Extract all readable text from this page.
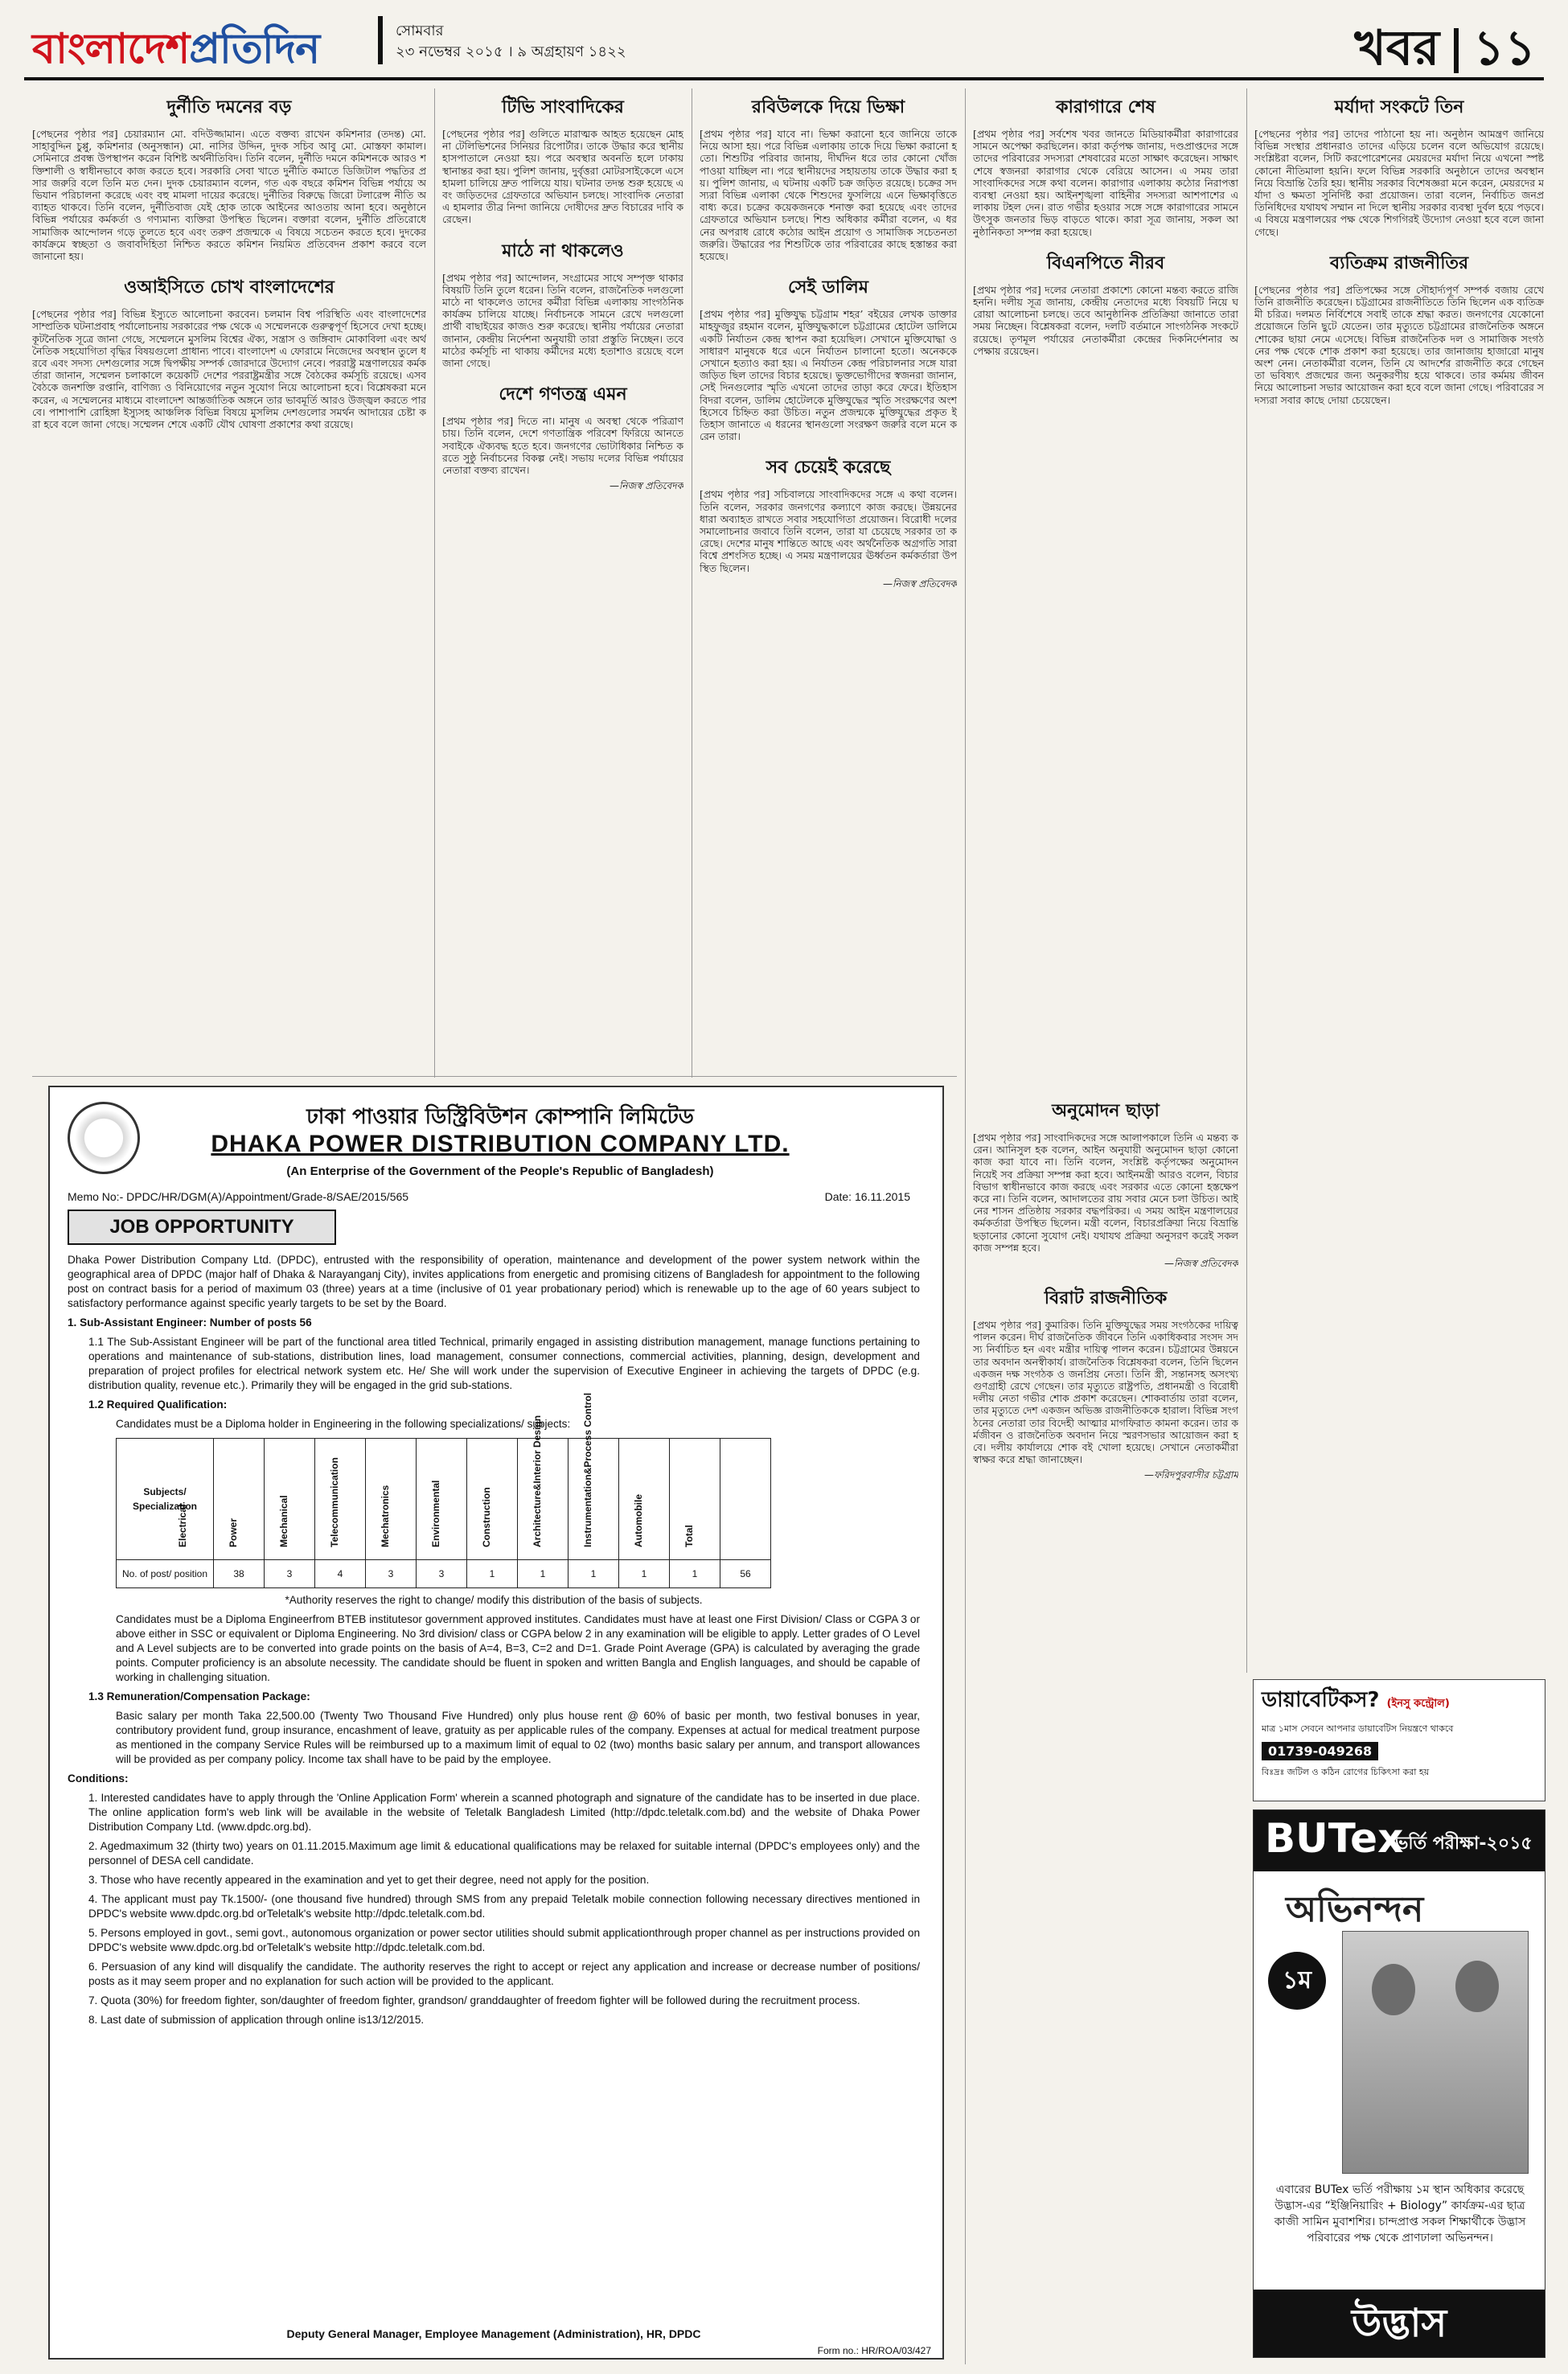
বাংলাদেশপ্রতিদিন	সোমবার
২৩ নভেম্বর ২০১৫ । ৯ অগ্রহায়ণ ১৪২২	খবর ১১
দুর্নীতি দমনের বড়

[পেছনের পৃষ্ঠার পর] চেয়ারম্যান মো. বদিউজ্জামান। এতে বক্তব্য রাখেন কমিশনার (তদন্ত) মো. সাহাবুদ্দিন চুপ্পু, কমিশনার (অনুসন্ধান) মো. নাসির উদ্দিন, দুদক সচিব আবু মো. মোস্তফা কামাল। সেমিনারে প্রবন্ধ উপস্থাপন করেন বিশিষ্ট অর্থনীতিবিদ। তিনি বলেন, দুর্নীতি দমনে কমিশনকে আরও শক্তিশালী ও স্বাধীনভাবে কাজ করতে হবে। সরকারি সেবা খাতে দুর্নীতি কমাতে ডিজিটাল পদ্ধতির প্রসার জরুরি বলে তিনি মত দেন। দুদক চেয়ারম্যান বলেন, গত এক বছরে কমিশন বিভিন্ন পর্যায়ে অভিযান পরিচালনা করেছে এবং বহু মামলা দায়ের করেছে। দুর্নীতির বিরুদ্ধে জিরো টলারেন্স নীতি অব্যাহত থাকবে। তিনি বলেন, দুর্নীতিবাজ যেই হোক তাকে আইনের আওতায় আনা হবে। অনুষ্ঠানে বিভিন্ন পর্যায়ের কর্মকর্তা ও গণ্যমান্য ব্যক্তিরা উপস্থিত ছিলেন। বক্তারা বলেন, দুর্নীতি প্রতিরোধে সামাজিক আন্দোলন গড়ে তুলতে হবে এবং তরুণ প্রজন্মকে এ বিষয়ে সচেতন করতে হবে। দুদকের কার্যক্রমে স্বচ্ছতা ও জবাবদিহিতা নিশ্চিত করতে কমিশন নিয়মিত প্রতিবেদন প্রকাশ করবে বলে জানানো হয়।

ওআইসিতে চোখ বাংলাদেশের

[পেছনের পৃষ্ঠার পর] বিভিন্ন ইস্যুতে আলোচনা করবেন। চলমান বিশ্ব পরিস্থিতি এবং বাংলাদেশের সাম্প্রতিক ঘটনাপ্রবাহ পর্যালোচনায় সরকারের পক্ষ থেকে এ সম্মেলনকে গুরুত্বপূর্ণ হিসেবে দেখা হচ্ছে। কূটনৈতিক সূত্রে জানা গেছে, সম্মেলনে মুসলিম বিশ্বের ঐক্য, সন্ত্রাস ও জঙ্গিবাদ মোকাবিলা এবং অর্থনৈতিক সহযোগিতা বৃদ্ধির বিষয়গুলো প্রাধান্য পাবে। বাংলাদেশ এ ফোরামে নিজেদের অবস্থান তুলে ধরবে এবং সদস্য দেশগুলোর সঙ্গে দ্বিপক্ষীয় সম্পর্ক জোরদারে উদ্যোগ নেবে। পররাষ্ট্র মন্ত্রণালয়ের কর্মকর্তারা জানান, সম্মেলন চলাকালে কয়েকটি দেশের পররাষ্ট্রমন্ত্রীর সঙ্গে বৈঠকের কর্মসূচি রয়েছে। এসব বৈঠকে জনশক্তি রপ্তানি, বাণিজ্য ও বিনিয়োগের নতুন সুযোগ নিয়ে আলোচনা হবে। বিশ্লেষকরা মনে করেন, এ সম্মেলনের মাধ্যমে বাংলাদেশ আন্তর্জাতিক অঙ্গনে তার ভাবমূর্তি আরও উজ্জ্বল করতে পারবে। পাশাপাশি রোহিঙ্গা ইস্যুসহ আঞ্চলিক বিভিন্ন বিষয়ে মুসলিম দেশগুলোর সমর্থন আদায়ের চেষ্টা করা হবে বলে জানা গেছে। সম্মেলন শেষে একটি যৌথ ঘোষণা প্রকাশের কথা রয়েছে।

টিভি সাংবাদিকের

[পেছনের পৃষ্ঠার পর] গুলিতে মারাত্মক আহত হয়েছেন মোহনা টেলিভিশনের সিনিয়র রিপোর্টার। তাকে উদ্ধার করে স্থানীয় হাসপাতালে নেওয়া হয়। পরে অবস্থার অবনতি হলে ঢাকায় স্থানান্তর করা হয়। পুলিশ জানায়, দুর্বৃত্তরা মোটরসাইকেলে এসে হামলা চালিয়ে দ্রুত পালিয়ে যায়। ঘটনার তদন্ত শুরু হয়েছে এবং জড়িতদের গ্রেফতারে অভিযান চলছে। সাংবাদিক নেতারা এ হামলার তীব্র নিন্দা জানিয়ে দোষীদের দ্রুত বিচারের দাবি করেছেন।

মাঠে না থাকলেও

[প্রথম পৃষ্ঠার পর] আন্দোলন, সংগ্রামের সাথে সম্পৃক্ত থাকার বিষয়টি তিনি তুলে ধরেন। তিনি বলেন, রাজনৈতিক দলগুলো মাঠে না থাকলেও তাদের কর্মীরা বিভিন্ন এলাকায় সাংগঠনিক কার্যক্রম চালিয়ে যাচ্ছে। নির্বাচনকে সামনে রেখে দলগুলো প্রার্থী বাছাইয়ের কাজও শুরু করেছে। স্থানীয় পর্যায়ের নেতারা জানান, কেন্দ্রীয় নির্দেশনা অনুযায়ী তারা প্রস্তুতি নিচ্ছেন। তবে মাঠের কর্মসূচি না থাকায় কর্মীদের মধ্যে হতাশাও রয়েছে বলে জানা গেছে।

দেশে গণতন্ত্র এমন

[প্রথম পৃষ্ঠার পর] দিতে না। মানুষ এ অবস্থা থেকে পরিত্রাণ চায়। তিনি বলেন, দেশে গণতান্ত্রিক পরিবেশ ফিরিয়ে আনতে সবাইকে ঐক্যবদ্ধ হতে হবে। জনগণের ভোটাধিকার নিশ্চিত করতে সুষ্ঠু নির্বাচনের বিকল্প নেই। সভায় দলের বিভিন্ন পর্যায়ের নেতারা বক্তব্য রাখেন।

—নিজস্ব প্রতিবেদক
রবিউলকে দিয়ে ভিক্ষা

[প্রথম পৃষ্ঠার পর] যাবে না। ভিক্ষা করানো হবে জানিয়ে তাকে নিয়ে আসা হয়। পরে বিভিন্ন এলাকায় তাকে দিয়ে ভিক্ষা করানো হতো। শিশুটির পরিবার জানায়, দীর্ঘদিন ধরে তার কোনো খোঁজ পাওয়া যাচ্ছিল না। পরে স্থানীয়দের সহায়তায় তাকে উদ্ধার করা হয়। পুলিশ জানায়, এ ঘটনায় একটি চক্র জড়িত রয়েছে। চক্রের সদস্যরা বিভিন্ন এলাকা থেকে শিশুদের ফুসলিয়ে এনে ভিক্ষাবৃত্তিতে বাধ্য করে। চক্রের কয়েকজনকে শনাক্ত করা হয়েছে এবং তাদের গ্রেফতারে অভিযান চলছে। শিশু অধিকার কর্মীরা বলেন, এ ধরনের অপরাধ রোধে কঠোর আইন প্রয়োগ ও সামাজিক সচেতনতা জরুরি। উদ্ধারের পর শিশুটিকে তার পরিবারের কাছে হস্তান্তর করা হয়েছে।

সেই ডালিম

[প্রথম পৃষ্ঠার পর] মুক্তিযুদ্ধ চট্টগ্রাম শহর’ বইয়ের লেখক ডাক্তার মাহফুজুর রহমান বলেন, মুক্তিযুদ্ধকালে চট্টগ্রামের হোটেল ডালিমে একটি নির্যাতন কেন্দ্র স্থাপন করা হয়েছিল। সেখানে মুক্তিযোদ্ধা ও সাধারণ মানুষকে ধরে এনে নির্যাতন চালানো হতো। অনেককে সেখানে হত্যাও করা হয়। এ নির্যাতন কেন্দ্র পরিচালনার সঙ্গে যারা জড়িত ছিল তাদের বিচার হয়েছে। ভুক্তভোগীদের স্বজনরা জানান, সেই দিনগুলোর স্মৃতি এখনো তাদের তাড়া করে ফেরে। ইতিহাসবিদরা বলেন, ডালিম হোটেলকে মুক্তিযুদ্ধের স্মৃতি সংরক্ষণের অংশ হিসেবে চিহ্নিত করা উচিত। নতুন প্রজন্মকে মুক্তিযুদ্ধের প্রকৃত ইতিহাস জানাতে এ ধরনের স্থানগুলো সংরক্ষণ জরুরি বলে মনে করেন তারা।

সব চেয়েই করেছে

[প্রথম পৃষ্ঠার পর] সচিবালয়ে সাংবাদিকদের সঙ্গে এ কথা বলেন। তিনি বলেন, সরকার জনগণের কল্যাণে কাজ করছে। উন্নয়নের ধারা অব্যাহত রাখতে সবার সহযোগিতা প্রয়োজন। বিরোধী দলের সমালোচনার জবাবে তিনি বলেন, তারা যা চেয়েছে সরকার তা করেছে। দেশের মানুষ শান্তিতে আছে এবং অর্থনৈতিক অগ্রগতি সারা বিশ্বে প্রশংসিত হচ্ছে। এ সময় মন্ত্রণালয়ের ঊর্ধ্বতন কর্মকর্তারা উপস্থিত ছিলেন।

—নিজস্ব প্রতিবেদক
কারাগারে শেষ

[প্রথম পৃষ্ঠার পর] সর্বশেষ খবর জানতে মিডিয়াকর্মীরা কারাগারের সামনে অপেক্ষা করছিলেন। কারা কর্তৃপক্ষ জানায়, দণ্ডপ্রাপ্তদের সঙ্গে তাদের পরিবারের সদস্যরা শেষবারের মতো সাক্ষাৎ করেছেন। সাক্ষাৎ শেষে স্বজনরা কারাগার থেকে বেরিয়ে আসেন। এ সময় তারা সাংবাদিকদের সঙ্গে কথা বলেন। কারাগার এলাকায় কঠোর নিরাপত্তা ব্যবস্থা নেওয়া হয়। আইনশৃঙ্খলা বাহিনীর সদস্যরা আশপাশের এলাকায় টহল দেন। রাত গভীর হওয়ার সঙ্গে সঙ্গে কারাগারের সামনে উৎসুক জনতার ভিড় বাড়তে থাকে। কারা সূত্র জানায়, সকল আনুষ্ঠানিকতা সম্পন্ন করা হয়েছে।

বিএনপিতে নীরব

[প্রথম পৃষ্ঠার পর] দলের নেতারা প্রকাশ্যে কোনো মন্তব্য করতে রাজি হননি। দলীয় সূত্র জানায়, কেন্দ্রীয় নেতাদের মধ্যে বিষয়টি নিয়ে ঘরোয়া আলোচনা চলছে। তবে আনুষ্ঠানিক প্রতিক্রিয়া জানাতে তারা সময় নিচ্ছেন। বিশ্লেষকরা বলেন, দলটি বর্তমানে সাংগঠনিক সংকটে রয়েছে। তৃণমূল পর্যায়ের নেতাকর্মীরা কেন্দ্রের দিকনির্দেশনার অপেক্ষায় রয়েছেন।

মর্যাদা সংকটে তিন

[পেছনের পৃষ্ঠার পর] তাদের পাঠানো হয় না। অনুষ্ঠান আমন্ত্রণ জানিয়ে বিভিন্ন সংস্থার প্রধানরাও তাদের এড়িয়ে চলেন বলে অভিযোগ রয়েছে। সংশ্লিষ্টরা বলেন, সিটি করপোরেশনের মেয়রদের মর্যাদা নিয়ে এখনো স্পষ্ট কোনো নীতিমালা হয়নি। ফলে বিভিন্ন সরকারি অনুষ্ঠানে তাদের অবস্থান নিয়ে বিভ্রান্তি তৈরি হয়। স্থানীয় সরকার বিশেষজ্ঞরা মনে করেন, মেয়রদের মর্যাদা ও ক্ষমতা সুনির্দিষ্ট করা প্রয়োজন। তারা বলেন, নির্বাচিত জনপ্রতিনিধিদের যথাযথ সম্মান না দিলে স্থানীয় সরকার ব্যবস্থা দুর্বল হয়ে পড়বে। এ বিষয়ে মন্ত্রণালয়ের পক্ষ থেকে শিগগিরই উদ্যোগ নেওয়া হবে বলে জানা গেছে।

ব্যতিক্রম রাজনীতির

[পেছনের পৃষ্ঠার পর] প্রতিপক্ষের সঙ্গে সৌহার্দ্যপূর্ণ সম্পর্ক বজায় রেখে তিনি রাজনীতি করেছেন। চট্টগ্রামের রাজনীতিতে তিনি ছিলেন এক ব্যতিক্রমী চরিত্র। দলমত নির্বিশেষে সবাই তাকে শ্রদ্ধা করত। জনগণের যেকোনো প্রয়োজনে তিনি ছুটে যেতেন। তার মৃত্যুতে চট্টগ্রামের রাজনৈতিক অঙ্গনে শোকের ছায়া নেমে এসেছে। বিভিন্ন রাজনৈতিক দল ও সামাজিক সংগঠনের পক্ষ থেকে শোক প্রকাশ করা হয়েছে। তার জানাজায় হাজারো মানুষ অংশ নেন। নেতাকর্মীরা বলেন, তিনি যে আদর্শের রাজনীতি করে গেছেন তা ভবিষ্যৎ প্রজন্মের জন্য অনুকরণীয় হয়ে থাকবে। তার কর্মময় জীবন নিয়ে আলোচনা সভার আয়োজন করা হবে বলে জানা গেছে। পরিবারের সদস্যরা সবার কাছে দোয়া চেয়েছেন।

অনুমোদন ছাড়া

[প্রথম পৃষ্ঠার পর] সাংবাদিকদের সঙ্গে আলাপকালে তিনি এ মন্তব্য করেন। আনিসুল হক বলেন, আইন অনুযায়ী অনুমোদন ছাড়া কোনো কাজ করা যাবে না। তিনি বলেন, সংশ্লিষ্ট কর্তৃপক্ষের অনুমোদন নিয়েই সব প্রক্রিয়া সম্পন্ন করা হবে। আইনমন্ত্রী আরও বলেন, বিচার বিভাগ স্বাধীনভাবে কাজ করছে এবং সরকার এতে কোনো হস্তক্ষেপ করে না। তিনি বলেন, আদালতের রায় সবার মেনে চলা উচিত। আইনের শাসন প্রতিষ্ঠায় সরকার বদ্ধপরিকর। এ সময় আইন মন্ত্রণালয়ের কর্মকর্তারা উপস্থিত ছিলেন। মন্ত্রী বলেন, বিচারপ্রক্রিয়া নিয়ে বিভ্রান্তি ছড়ানোর কোনো সুযোগ নেই। যথাযথ প্রক্রিয়া অনুসরণ করেই সকল কাজ সম্পন্ন হবে।

—নিজস্ব প্রতিবেদক
বিরাট রাজনীতিক

[প্রথম পৃষ্ঠার পর] কুমারিক। তিনি মুক্তিযুদ্ধের সময় সংগঠকের দায়িত্ব পালন করেন। দীর্ঘ রাজনৈতিক জীবনে তিনি একাধিকবার সংসদ সদস্য নির্বাচিত হন এবং মন্ত্রীর দায়িত্ব পালন করেন। চট্টগ্রামের উন্নয়নে তার অবদান অনস্বীকার্য। রাজনৈতিক বিশ্লেষকরা বলেন, তিনি ছিলেন একজন দক্ষ সংগঠক ও জনপ্রিয় নেতা। তিনি স্ত্রী, সন্তানসহ অসংখ্য গুণগ্রাহী রেখে গেছেন। তার মৃত্যুতে রাষ্ট্রপতি, প্রধানমন্ত্রী ও বিরোধী দলীয় নেতা গভীর শোক প্রকাশ করেছেন। শোকবার্তায় তারা বলেন, তার মৃত্যুতে দেশ একজন অভিজ্ঞ রাজনীতিককে হারাল। বিভিন্ন সংগঠনের নেতারা তার বিদেহী আত্মার মাগফিরাত কামনা করেন। তার কর্মজীবন ও রাজনৈতিক অবদান নিয়ে স্মরণসভার আয়োজন করা হবে। দলীয় কার্যালয়ে শোক বই খোলা হয়েছে। সেখানে নেতাকর্মীরা স্বাক্ষর করে শ্রদ্ধা জানাচ্ছেন।

—ফরিদপুরবাসীর চট্টগ্রাম
ঢাকা পাওয়ার ডিস্ট্রিবিউশন কোম্পানি লিমিটেড
DHAKA POWER DISTRIBUTION COMPANY LTD.
(An Enterprise of the Government of the People's Republic of Bangladesh)
Memo No:- DPDC/HR/DGM(A)/Appointment/Grade-8/SAE/2015/565	Date: 16.11.2015
JOB OPPORTUNITY

Dhaka Power Distribution Company Ltd. (DPDC), entrusted with the responsibility of operation, maintenance and development of the power system network within the geographical area of DPDC (major half of Dhaka & Narayanganj City), invites applications from energetic and promising citizens of Bangladesh for appointment to the following post on contract basis for a period of maximum 03 (three) years at a time (inclusive of 01 year probationary period) which is renewable up to the age of 60 years subject to satisfactory performance against specific yearly targets to be set by the Board.

1. Sub-Assistant Engineer: Number of posts 56

1.1 The Sub-Assistant Engineer will be part of the functional area titled Technical, primarily engaged in assisting distribution management, manage functions pertaining to operations and maintenance of sub-stations, distribution lines, load management, consumer connections, commercial activities, planning, design, development and preparation of project profiles for electrical network system etc. He/ She will work under the supervision of Executive Engineer in achieving the targets of DPDC (e.g. distribution quality, revenue etc.). Primarily they will be engaged in the grid sub-stations.

1.2 Required Qualification:

Candidates must be a Diploma holder in Engineering in the following specializations/ subjects:

Subjects/ Specialization	Electrical	Power	Mechanical	Telecommunication	Mechatronics	Environmental	Construction	Architecture&Interior Design	Instrumentation&Process Control	Automobile	Total

No. of post/ position	38	3	4	3	3	1	1	1	1	1	56

*Authority reserves the right to change/ modify this distribution of the basis of subjects.

Candidates must be a Diploma Engineerfrom BTEB institutesor government approved institutes. Candidates must have at least one First Division/ Class or CGPA 3 or above either in SSC or equivalent or Diploma Engineering. No 3rd division/ class or CGPA below 2 in any examination will be eligible to apply. Letter grades of O Level and A Level subjects are to be converted into grade points on the basis of A=4, B=3, C=2 and D=1. Grade Point Average (GPA) is calculated by averaging the grade points. Computer proficiency is an absolute necessity. The candidate should be fluent in spoken and written Bangla and English languages, and should be capable of working in challenging situation.

1.3 Remuneration/Compensation Package:

Basic salary per month Taka 22,500.00 (Twenty Two Thousand Five Hundred) only plus house rent @ 60% of basic per month, two festival bonuses in year, contributory provident fund, group insurance, encashment of leave, gratuity as per applicable rules of the company. Expenses at actual for medical treatment purpose as mentioned in the company Service Rules will be reimbursed up to a maximum limit of equal to 02 (two) months basic salary per annum, and transport allowances will be provided as per company policy. Income tax shall have to be paid by the employee.

Conditions:

1. Interested candidates have to apply through the 'Online Application Form' wherein a scanned photograph and signature of the candidate has to be inserted in due place. The online application form's web link will be available in the website of Teletalk Bangladesh Limited (http://dpdc.teletalk.com.bd) and the website of Dhaka Power Distribution Company Ltd. (www.dpdc.org.bd).

2. Agedmaximum 32 (thirty two) years on 01.11.2015.Maximum age limit & educational qualifications may be relaxed for suitable internal (DPDC's employees only) and the personnel of DESA cell candidate.

3. Those who have recently appeared in the examination and yet to get their degree, need not apply for the position.

4. The applicant must pay Tk.1500/- (one thousand five hundred) through SMS from any prepaid Teletalk mobile connection following necessary directives mentioned in DPDC's website www.dpdc.org.bd orTeletalk's website http://dpdc.teletalk.com.bd.

5. Persons employed in govt., semi govt., autonomous organization or power sector utilities should submit applicationthrough proper channel as per instructions provided on DPDC's website www.dpdc.org.bd orTeletalk's website http://dpdc.teletalk.com.bd.

6. Persuasion of any kind will disqualify the candidate. The authority reserves the right to accept or reject any application and increase or decrease number of positions/ posts as it may seem proper and no explanation for such action will be provided to the applicant.

7. Quota (30%) for freedom fighter, son/daughter of freedom fighter, grandson/ granddaughter of freedom fighter will be followed during the recruitment process.

8. Last date of submission of application through online is13/12/2015.

Deputy General Manager, Employee Management (Administration), HR, DPDC
Form no.: HR/ROA/03/427
ডায়াবেটিকস? (ইনসু কন্ট্রোল)
মাত্র ১মাস সেবনে আপনার ডায়াবেটিস নিয়ন্ত্রণে থাকবে
01739-049268
বিঃদ্রঃ জটিল ও কঠিন রোগের চিকিৎসা করা হয়
BUTex
ভর্তি পরীক্ষা-২০১৫
অভিনন্দন
১ম
এবারের BUTex ভর্তি পরীক্ষায় ১ম স্থান অধিকার করেছে উদ্ভাস-এর “ইঞ্জিনিয়ারিং + Biology” কার্যক্রম-এর ছাত্র কাজী সামিন মুবাশশির। চান্দপ্রাপ্ত সকল শিক্ষার্থীকে উদ্ভাস পরিবারের পক্ষ থেকে প্রাণঢালা অভিনন্দন।
উদ্ভাস
